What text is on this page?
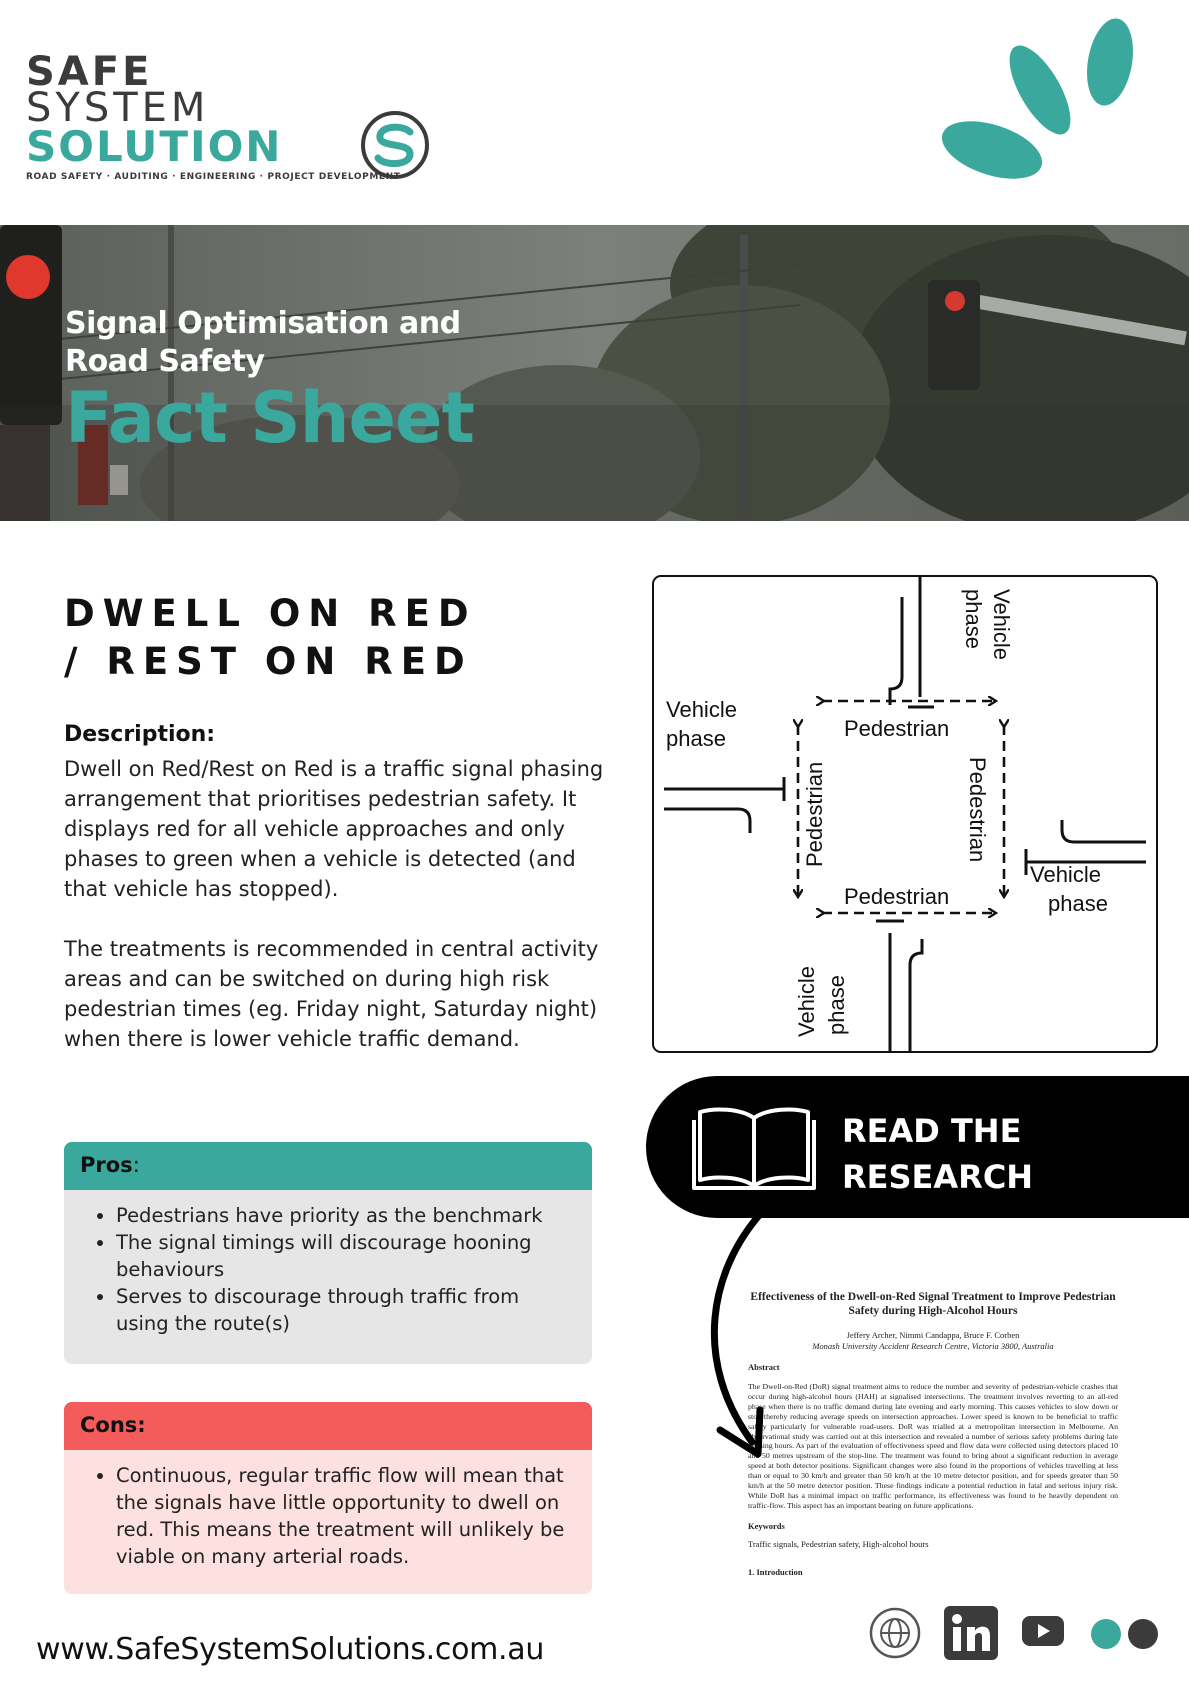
SAFE
SYSTEM
SOLUTION
ROAD SAFETY · AUDITING · ENGINEERING · PROJECT DEVELOPMENT
Signal Optimisation and
Road Safety
Fact Sheet
DWELL ON RED
/ REST ON RED
Description:

Dwell on Red/Rest on Red is a traffic signal phasing arrangement that prioritises pedestrian safety. It displays red for all vehicle approaches and only phases to green when a vehicle is detected (and that vehicle has stopped).

The treatments is recommended in central activity areas and can be switched on during high risk pedestrian times (eg. Friday night, Saturday night) when there is lower vehicle traffic demand.

Pros:
• Pedestrians have priority as the benchmark
• The signal timings will discourage hooning behaviours
• Serves to discourage through traffic from using the route(s)
Cons:
• Continuous, regular traffic flow will mean that the signals have little opportunity to dwell on red. This means the treatment will unlikely be viable on many arterial roads.
Pedestrian
Pedestrian
Pedestrian	Pedestrian
Vehicle
phase
Vehicle
phase
Vehicle
phase
Vehicle phase
READ THE
RESEARCH
Effectiveness of the Dwell-on-Red Signal Treatment to Improve Pedestrian Safety during High-Alcohol Hours
Jeffery Archer, Nimmi Candappa, Bruce F. Corben
Monash University Accident Research Centre, Victoria 3800, Australia
Abstract
The Dwell-on-Red (DoR) signal treatment aims to reduce the number and severity of pedestrian-vehicle crashes that occur during high-alcohol hours (HAH) at signalised intersections. The treatment involves reverting to an all-red phase when there is no traffic demand during late evening and early morning. This causes vehicles to slow down or stop thereby reducing average speeds on intersection approaches. Lower speed is known to be beneficial to traffic safety particularly for vulnerable road-users. DoR was trialled at a metropolitan intersection in Melbourne. An observational study was carried out at this intersection and revealed a number of serious safety problems during late evening hours. As part of the evaluation of effectiveness speed and flow data were collected using detectors placed 10 and 50 metres upstream of the stop-line. The treatment was found to bring about a significant reduction in average speed at both detector positions. Significant changes were also found in the proportions of vehicles travelling at less than or equal to 30 km/h and greater than 50 km/h at the 10 metre detector position, and for speeds greater than 50 km/h at the 50 metre detector position. These findings indicate a potential reduction in fatal and serious injury risk. While DoR has a minimal impact on traffic performance, its effectiveness was found to be heavily dependent on traffic-flow. This aspect has an important bearing on future applications.
Keywords
Traffic signals, Pedestrian safety, High-alcohol hours
1. Introduction
www.SafeSystemSolutions.com.au
